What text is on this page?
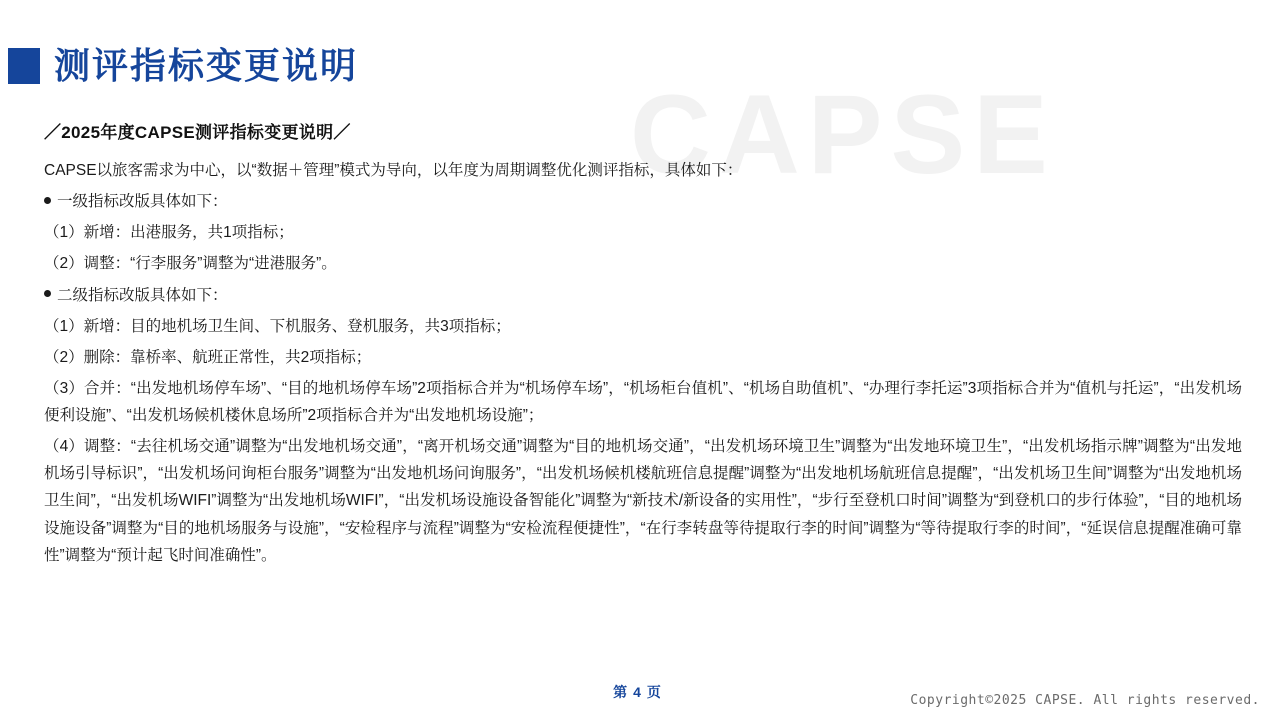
CAPSE
测评指标变更说明
／2025年度CAPSE测评指标变更说明／

CAPSE以旅客需求为中心，以“数据＋管理”模式为导向，以年度为周期调整优化测评指标，具体如下：

一级指标改版具体如下：

（1）新增：出港服务，共1项指标；

（2）调整：“行李服务”调整为“进港服务”。

二级指标改版具体如下：

（1）新增：目的地机场卫生间、下机服务、登机服务，共3项指标；

（2）删除：靠桥率、航班正常性，共2项指标；

（3）合并：“出发地机场停车场”、“目的地机场停车场”2项指标合并为“机场停车场”，“机场柜台值机”、“机场自助值机”、“办理行李托运”3项指标合并为“值机与托运”，“出发机场便利设施”、“出发机场候机楼休息场所”2项指标合并为“出发地机场设施”；

（4）调整：“去往机场交通”调整为“出发地机场交通”，“离开机场交通”调整为“目的地机场交通”，“出发机场环境卫生”调整为“出发地环境卫生”，“出发机场指示牌”调整为“出发地机场引导标识”，“出发机场问询柜台服务”调整为“出发地机场问询服务”，“出发机场候机楼航班信息提醒”调整为“出发地机场航班信息提醒”，“出发机场卫生间”调整为“出发地机场卫生间”，“出发机场WIFI”调整为“出发地机场WIFI”，“出发机场设施设备智能化”调整为“新技术/新设备的实用性”，“步行至登机口时间”调整为“到登机口的步行体验”，“目的地机场设施设备”调整为“目的地机场服务与设施”，“安检程序与流程”调整为“安检流程便捷性”，“在行李转盘等待提取行李的时间”调整为“等待提取行李的时间”，“延误信息提醒准确可靠性”调整为“预计起飞时间准确性”。

第4页
Copyright©2025 CAPSE. All rights reserved.
